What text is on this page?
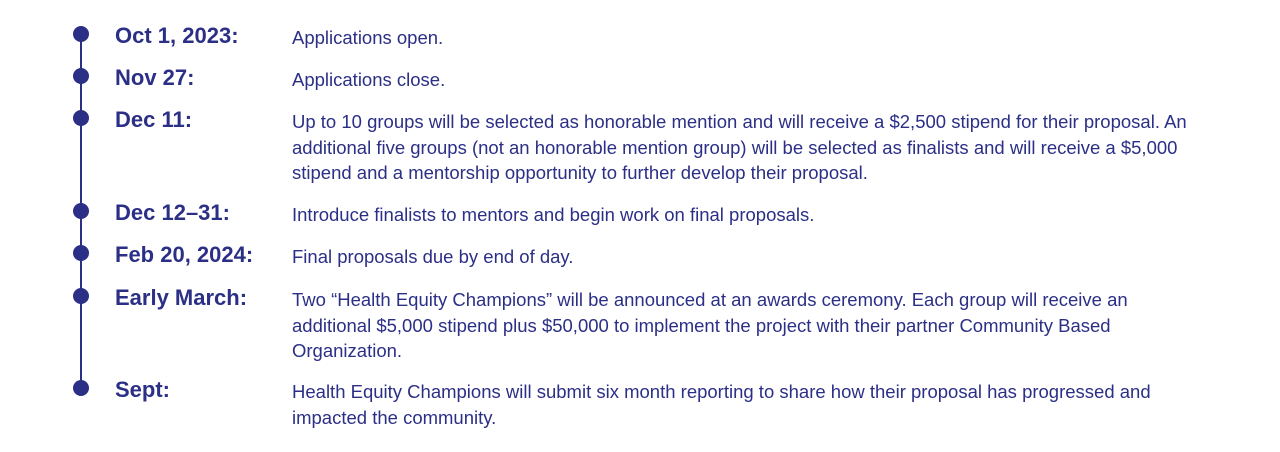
Oct 1, 2023:	Applications open.
Nov 27:	Applications close.
Dec 11:	Up to 10 groups will be selected as honorable mention and will receive a $2,500 stipend for their proposal. An additional five groups (not an honorable mention group) will be selected as finalists and will receive a $5,000 stipend and a mentorship opportunity to further develop their proposal.
Dec 12–31:	Introduce finalists to mentors and begin work on final proposals.
Feb 20, 2024: Final proposals due by end of day.
Early March: Two “Health Equity Champions” will be announced at an awards ceremony. Each group will receive an additional $5,000 stipend plus $50,000 to implement the project with their partner Community Based Organization.
Sept:	Health Equity Champions will submit six month reporting to share how their proposal has progressed and impacted the community.
